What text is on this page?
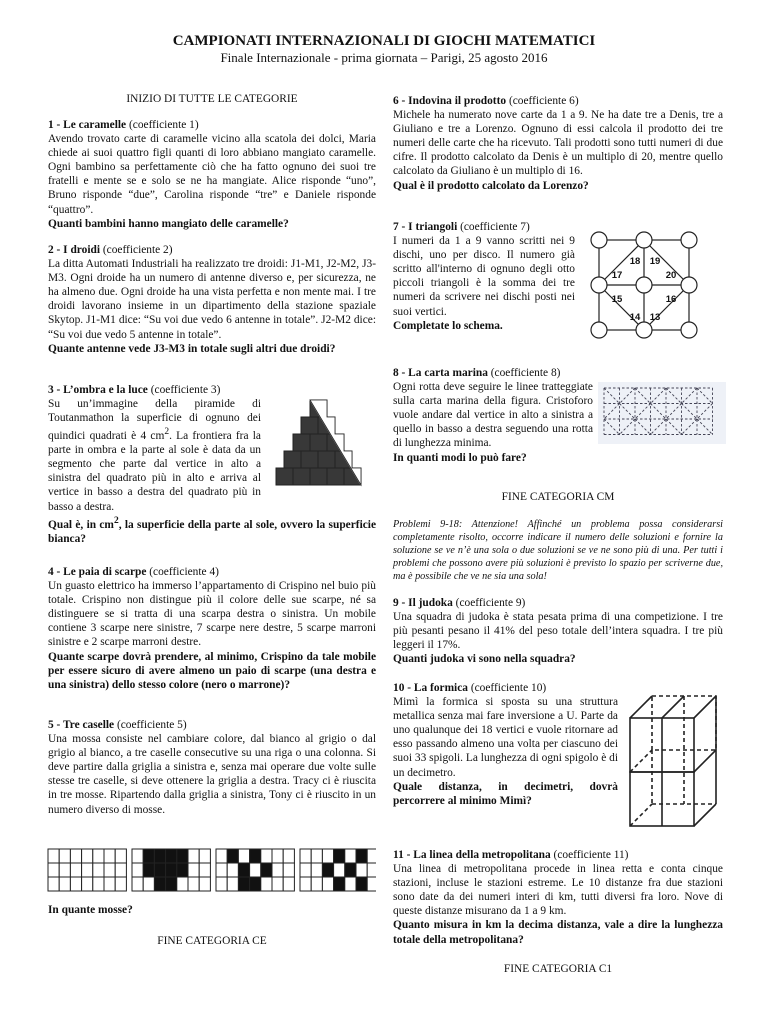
CAMPIONATI INTERNAZIONALI DI GIOCHI MATEMATICI
Finale Internazionale - prima giornata – Parigi, 25 agosto 2016
INIZIO DI TUTTE LE CATEGORIE
1 - Le caramelle (coefficiente 1)

Avendo trovato carte di caramelle vicino alla scatola dei dolci, Maria chiede ai suoi quattro figli quanti di loro abbiano mangiato caramelle. Ogni bambino sa perfettamente ciò che ha fatto ognuno dei suoi tre fratelli e mente se e solo se ne ha mangiate. Alice risponde “uno”, Bruno risponde “due”, Carolina risponde “tre” e Daniele risponde “quattro”.

Quanti bambini hanno mangiato delle caramelle?

2 - I droidi (coefficiente 2)

La ditta Automati Industriali ha realizzato tre droidi: J1-M1, J2-M2, J3-M3. Ogni droide ha un numero di antenne diverso e, per sicurezza, ne ha almeno due. Ogni droide ha una vista perfetta e non mente mai. I tre droidi lavorano insieme in un dipartimento della stazione spaziale Skytop. J1-M1 dice: “Su voi due vedo 6 antenne in totale”. J2-M2 dice: “Su voi due vedo 5 antenne in totale”.

Quante antenne vede J3-M3 in totale sugli altri due droidi?

3 - L’ombra e la luce (coefficiente 3)

Su un’immagine della piramide di Toutanmathon la superficie di ognuno dei quindici quadrati è 4 $cm^2$. La frontiera fra la parte in ombra e la parte al sole è data da un segmento che parte dal vertice in alto a sinistra del quadrato più in alto e arriva al vertice in basso a destra del quadrato più in basso a destra.

Qual è, in $cm^2$, la superficie della parte al sole, ovvero la superficie bianca?

4 - Le paia di scarpe (coefficiente 4)

Un guasto elettrico ha immerso l’appartamento di Crispino nel buio più totale. Crispino non distingue più il colore delle sue scarpe, né sa distinguere se si tratta di una scarpa destra o sinistra. Un mobile contiene 3 scarpe nere sinistre, 7 scarpe nere destre, 5 scarpe marroni sinistre e 2 scarpe marroni destre.

Quante scarpe dovrà prendere, al minimo, Crispino da tale mobile per essere sicuro di avere almeno un paio di scarpe (una destra e una sinistra) dello stesso colore (nero o marrone)?

5 - Tre caselle (coefficiente 5)

Una mossa consiste nel cambiare colore, dal bianco al grigio o dal grigio al bianco, a tre caselle consecutive su una riga o una colonna. Si deve partire dalla griglia a sinistra e, senza mai operare due volte sulle stesse tre caselle, si deve ottenere la griglia a destra. Tracy ci è riuscita in tre mosse. Ripartendo dalla griglia a sinistra, Tony ci è riuscito in un numero diverso di mosse.

In quante mosse?
FINE CATEGORIA CE
6 - Indovina il prodotto (coefficiente 6)

Michele ha numerato nove carte da 1 a 9. Ne ha date tre a Denis, tre a Giuliano e tre a Lorenzo. Ognuno di essi calcola il prodotto dei tre numeri delle carte che ha ricevuto. Tali prodotti sono tutti numeri di due cifre. Il prodotto calcolato da Denis è un multiplo di 20, mentre quello calcolato da Giuliano è un multiplo di 16.

Qual è il prodotto calcolato da Lorenzo?

7 - I triangoli (coefficiente 7)

I numeri da 1 a 9 vanno scritti nei 9 dischi, uno per disco. Il numero già scritto all'interno di ognuno degli otto piccoli triangoli è la somma dei tre numeri da scrivere nei dischi posti nei suoi vertici.

Completate lo schema.

18 19
17	20
15	16
14 13
8 - La carta marina (coefficiente 8)

Ogni rotta deve seguire le linee tratteggiate sulla carta marina della figura. Cristoforo vuole andare dal vertice in alto a sinistra a quello in basso a destra seguendo una rotta di lunghezza minima.

In quanti modi lo può fare?

FINE CATEGORIA CM
Problemi 9-18: Attenzione! Affinché un problema possa considerarsi completamente risolto, occorre indicare il numero delle soluzioni e fornire la soluzione se ve n’è una sola o due soluzioni se ve ne sono più di una. Per tutti i problemi che possono avere più soluzioni è previsto lo spazio per scriverne due, ma è possibile che ve ne sia una sola!
9 - Il judoka (coefficiente 9)

Una squadra di judoka è stata pesata prima di una competizione. I tre più pesanti pesano il 41% del peso totale dell’intera squadra. I tre più leggeri il 17%.

Quanti judoka vi sono nella squadra?

10 - La formica (coefficiente 10)

Mimì la formica si sposta su una struttura metallica senza mai fare inversione a U. Parte da uno qualunque dei 18 vertici e vuole ritornare ad esso passando almeno una volta per ciascuno dei suoi 33 spigoli. La lunghezza di ogni spigolo è di un decimetro.

Quale distanza, in decimetri, dovrà percorrere al minimo Mimì?

11 - La linea della metropolitana (coefficiente 11)

Una linea di metropolitana procede in linea retta e conta cinque stazioni, incluse le stazioni estreme. Le 10 distanze fra due stazioni sono date da dei numeri interi di km, tutti diversi fra loro. Nove di queste distanze misurano da 1 a 9 km.

Quanto misura in km la decima distanza, vale a dire la lunghezza totale della metropolitana?

FINE CATEGORIA C1
